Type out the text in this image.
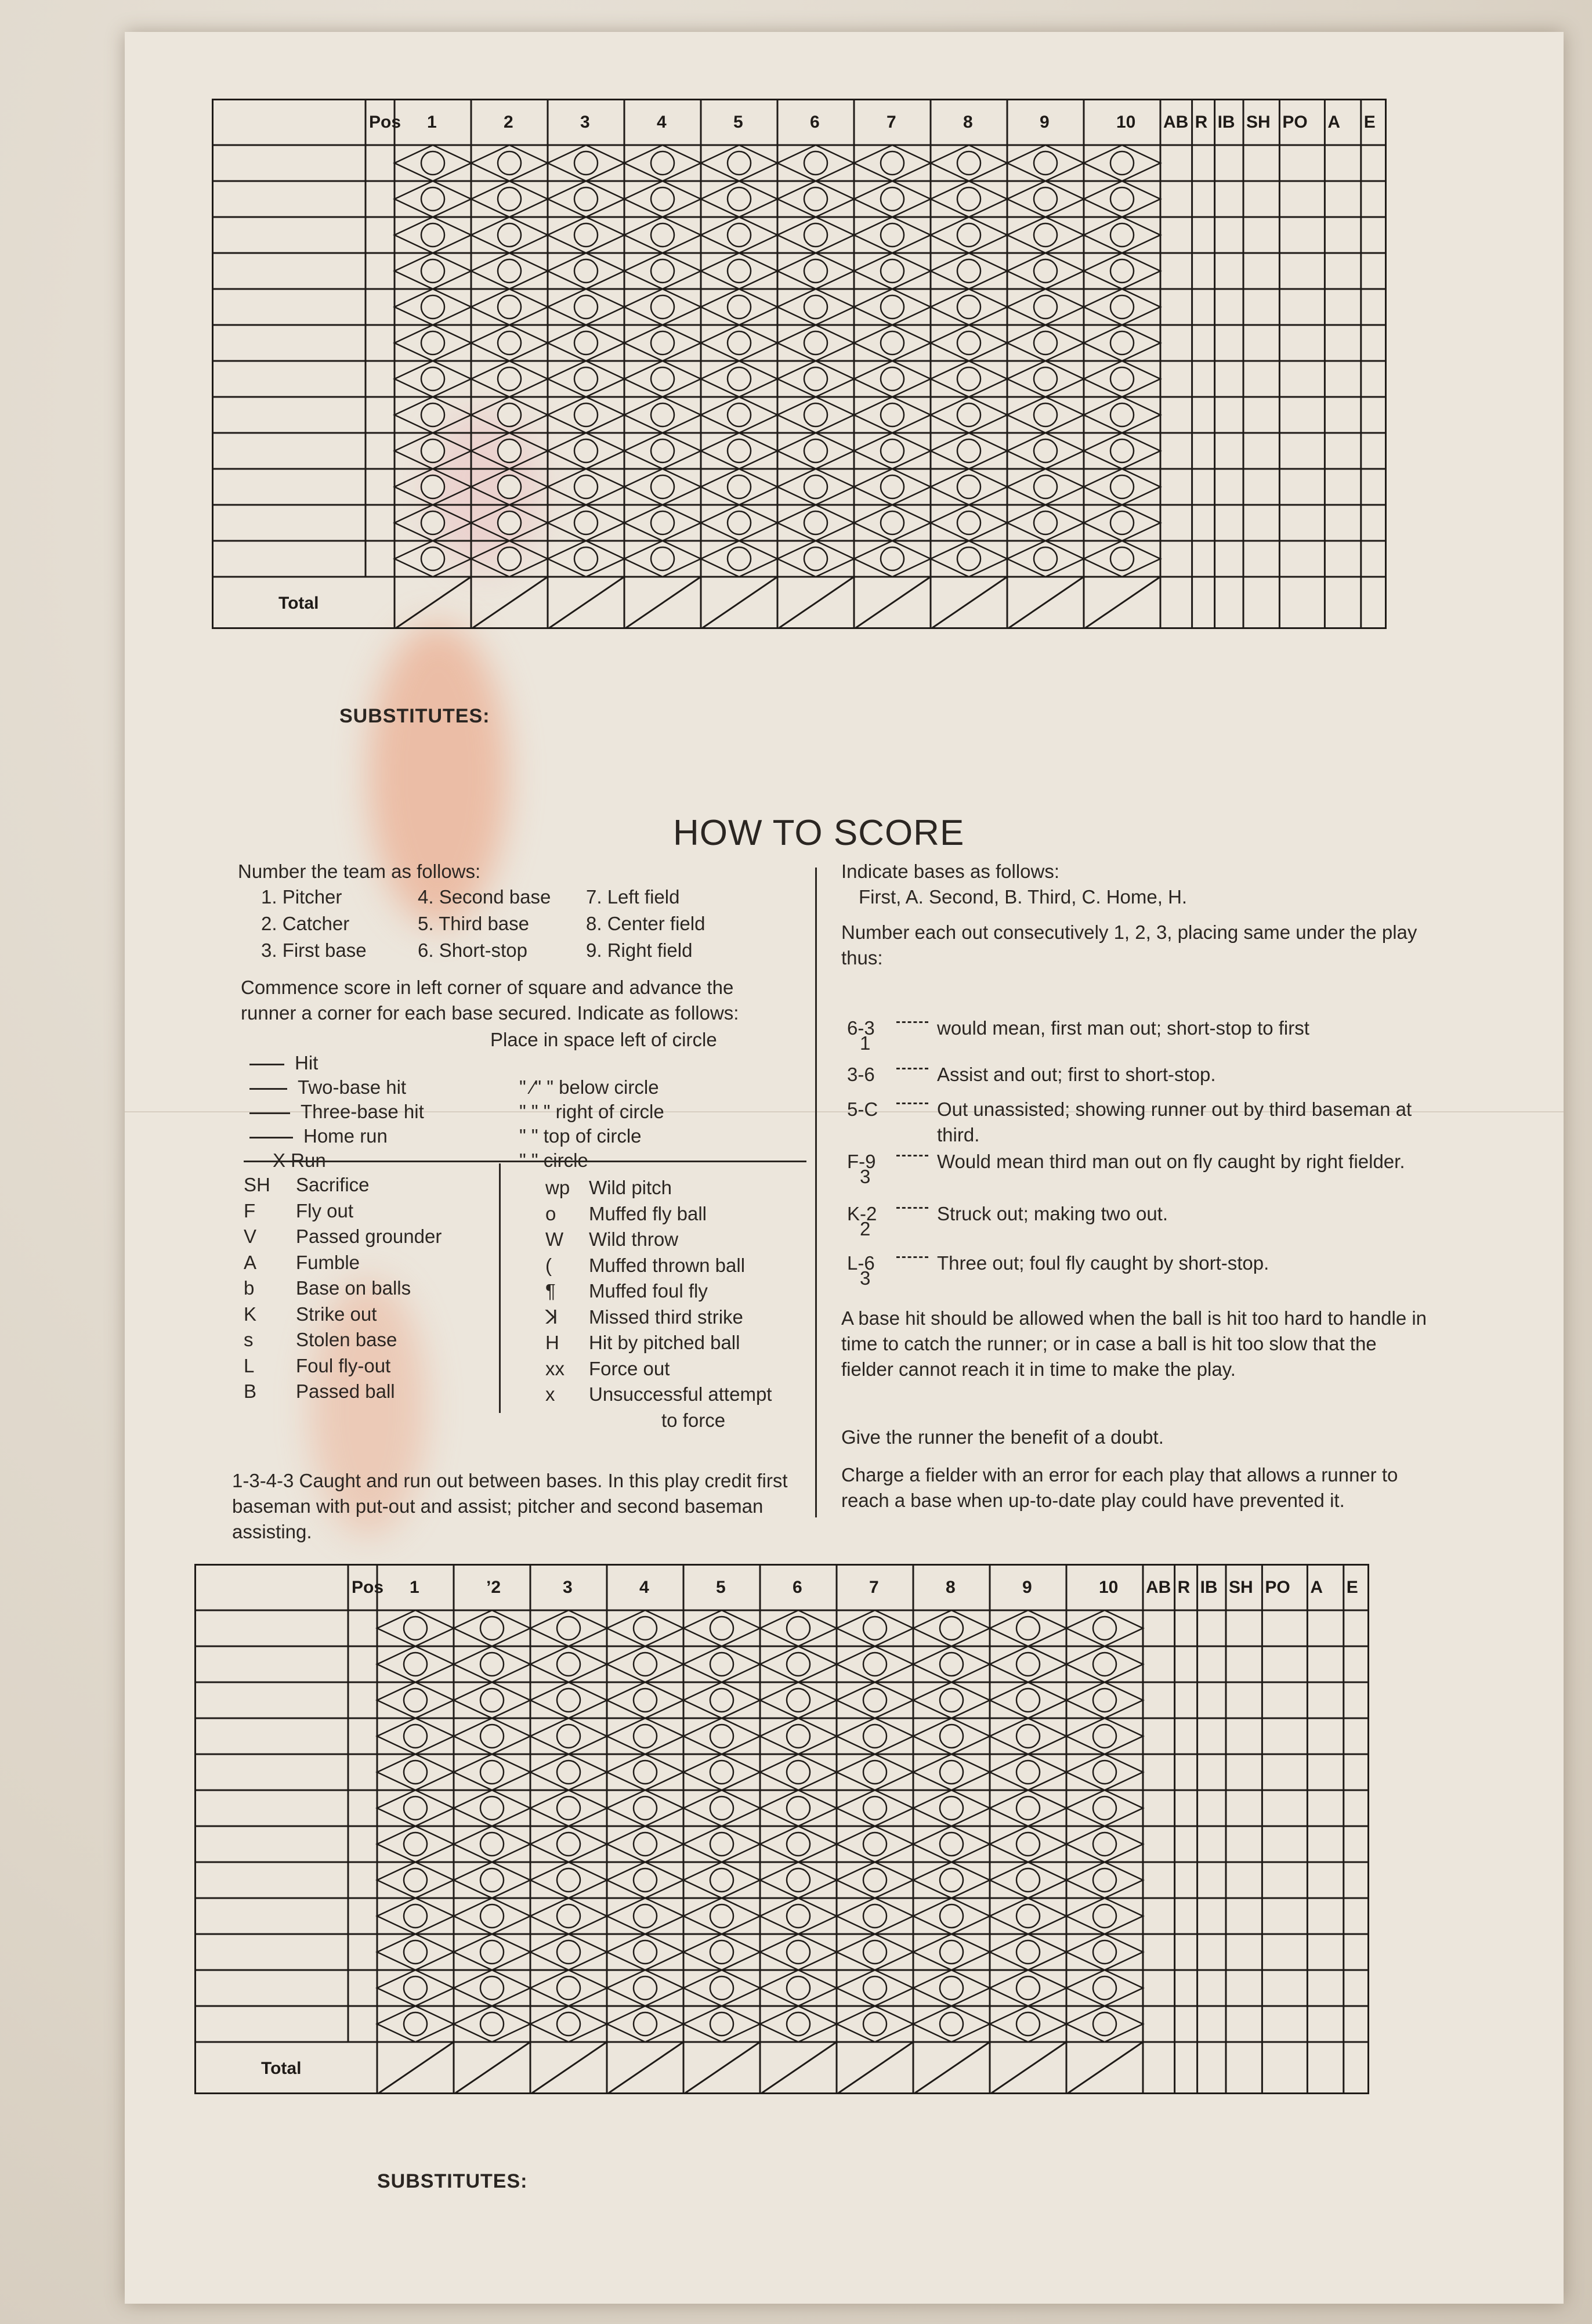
Pos 1	2	3	4	5	6	7	8	9	10 AB R IB SH PO A E
Total
SUBSTITUTES:
HOW TO SCORE
Number the team as follows:
1. Pitcher	4. Second base 7. Left field
2. Catcher	5. Third base	8. Center field
3. First base	6. Short-stop	9. Right field
Commence score in left corner of square and advance the runner a corner for each base secured. Indicate as follows:
Place in space left of circle
Hit
Two-base hit	" ⁄" " below circle
Three-base hit	" " " right of circle
Home run	" " top of circle
X Run	" " circle
SH Sacrifice
F Fly out
V Passed grounder
A Fumble
b Base on balls
K Strike out
s Stolen base
L Foul fly-out
B Passed ball
wp Wild pitch
o Muffed fly ball
W Wild throw
( Muffed thrown ball
¶ Muffed foul fly
ꓘ Missed third strike
H Hit by pitched ball
xx Force out
x Unsuccessful attempt
to force
1-3-4-3 Caught and run out between bases. In this play credit first baseman with put-out and assist; pitcher and second baseman assisting.
Indicate bases as follows:
First, A. Second, B. Third, C. Home, H.
Number each out consecutively 1, 2, 3, placing same under the play thus:
6-3
1
would mean, first man out; short-stop to first
3-6	Assist and out; first to short-stop.
5-C	Out unassisted; showing runner out by third baseman at third.
F-9
3
Would mean third man out on fly caught by right fielder.
K-2
2
Struck out; making two out.
L-6
3
Three out; foul fly caught by short-stop.
A base hit should be allowed when the ball is hit too hard to handle in time to catch the runner; or in case a ball is hit too slow that the fielder cannot reach it in time to make the play.
Give the runner the benefit of a doubt.
Charge a fielder with an error for each play that allows a runner to reach a base when up-to-date play could have prevented it.
Pos 1	’2	3	4	5	6	7	8	9	10 AB R IB SH PO A E
Total
SUBSTITUTES:
